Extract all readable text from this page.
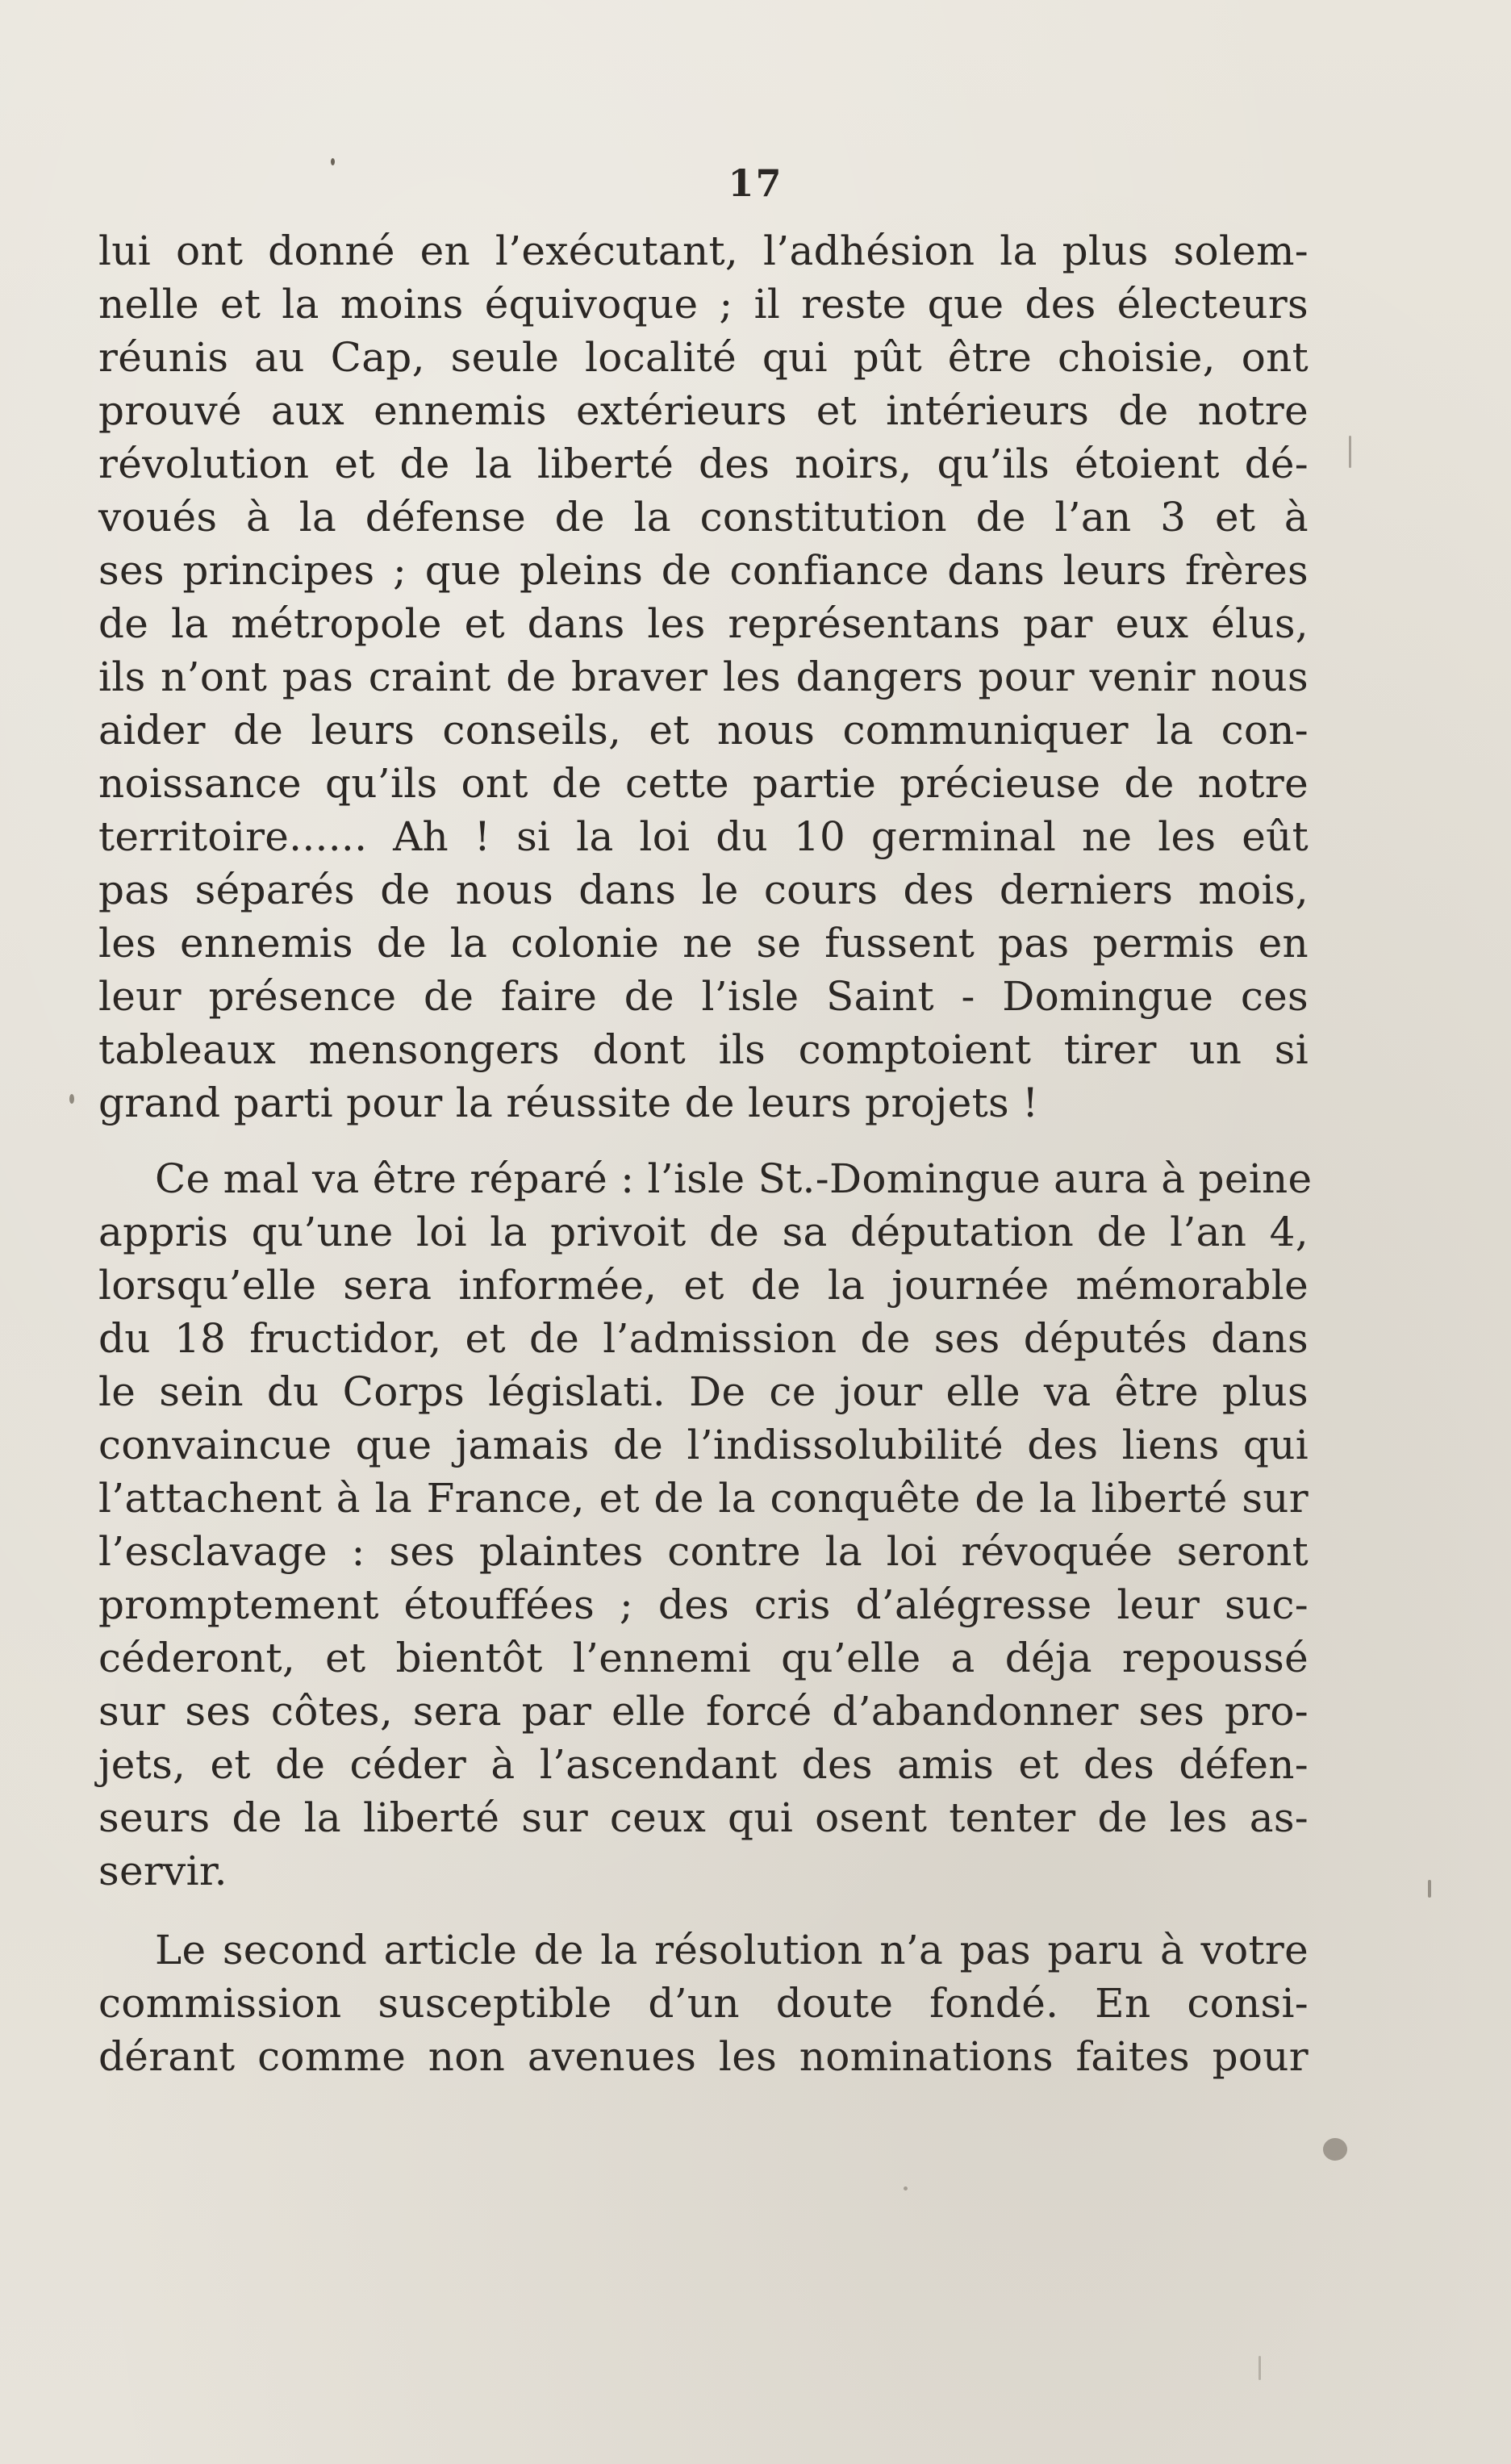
17
lui ont donné en l’exécutant, l’adhésion la plus solem-
nelle et la moins équivoque ; il reste que des électeurs
réunis au Cap, seule localité qui pût être choisie, ont
prouvé aux ennemis extérieurs et intérieurs de notre
révolution et de la liberté des noirs, qu’ils étoient dé-
voués à la défense de la constitution de l’an 3 et à
ses principes ; que pleins de confiance dans leurs frères
de la métropole et dans les représentans par eux élus,
ils n’ont pas craint de braver les dangers pour venir nous
aider de leurs conseils, et nous communiquer la con-
noissance qu’ils ont de cette partie précieuse de notre
territoire...... Ah ! si la loi du 10 germinal ne les eût
pas séparés de nous dans le cours des derniers mois,
les ennemis de la colonie ne se fussent pas permis en
leur présence de faire de l’isle Saint - Domingue ces
tableaux mensongers dont ils comptoient tirer un si
grand parti pour la réussite de leurs projets !
Ce mal va être réparé : l’isle St.-Domingue aura à peine
appris qu’une loi la privoit de sa députation de l’an 4,
lorsqu’elle sera informée, et de la journée mémorable
du 18 fructidor, et de l’admission de ses députés dans
le sein du Corps législati. De ce jour elle va être plus
convaincue que jamais de l’indissolubilité des liens qui
l’attachent à la France, et de la conquête de la liberté sur
l’esclavage : ses plaintes contre la loi révoquée seront
promptement étouffées ; des cris d’alégresse leur suc-
céderont, et bientôt l’ennemi qu’elle a déja repoussé
sur ses côtes, sera par elle forcé d’abandonner ses pro-
jets, et de céder à l’ascendant des amis et des défen-
seurs de la liberté sur ceux qui osent tenter de les as-
servir.
Le second article de la résolution n’a pas paru à votre
commission susceptible d’un doute fondé. En consi-
dérant comme non avenues les nominations faites pour
